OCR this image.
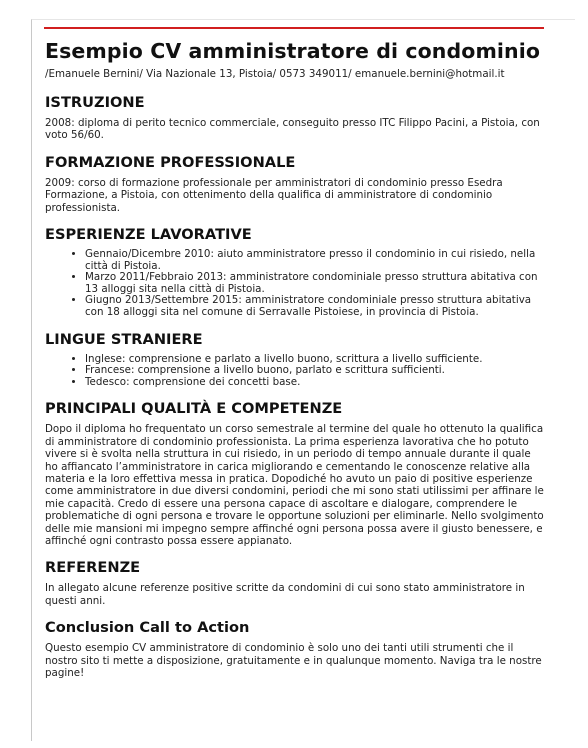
Esempio CV amministratore di condominio
/Emanuele Bernini/ Via Nazionale 13, Pistoia/ 0573 349011/ emanuele.bernini@hotmail.it
ISTRUZIONE

2008: diploma di perito tecnico commerciale, conseguito presso ITC Filippo Pacini, a Pistoia, con voto 56/60.

FORMAZIONE PROFESSIONALE

2009: corso di formazione professionale per amministratori di condominio presso Esedra Formazione, a Pistoia, con ottenimento della qualifica di amministratore di condominio professionista.

ESPERIENZE LAVORATIVE
• Gennaio/Dicembre 2010: aiuto amministratore presso il condominio in cui risiedo, nella città di Pistoia.
• Marzo 2011/Febbraio 2013: amministratore condominiale presso struttura abitativa con 13 alloggi sita nella città di Pistoia.
• Giugno 2013/Settembre 2015: amministratore condominiale presso struttura abitativa con 18 alloggi sita nel comune di Serravalle Pistoiese, in provincia di Pistoia.
LINGUE STRANIERE
• Inglese: comprensione e parlato a livello buono, scrittura a livello sufficiente.
• Francese: comprensione a livello buono, parlato e scrittura sufficienti.
• Tedesco: comprensione dei concetti base.
PRINCIPALI QUALITÀ E COMPETENZE

Dopo il diploma ho frequentato un corso semestrale al termine del quale ho ottenuto la qualifica di amministratore di condominio professionista. La prima esperienza lavorativa che ho potuto vivere si è svolta nella struttura in cui risiedo, in un periodo di tempo annuale durante il quale ho affiancato l’amministratore in carica migliorando e cementando le conoscenze relative alla materia e la loro effettiva messa in pratica. Dopodiché ho avuto un paio di positive esperienze come amministratore in due diversi condomini, periodi che mi sono stati utilissimi per affinare le mie capacità. Credo di essere una persona capace di ascoltare e dialogare, comprendere le problematiche di ogni persona e trovare le opportune soluzioni per eliminarle. Nello svolgimento delle mie mansioni mi impegno sempre affinché ogni persona possa avere il giusto benessere, e affinché ogni contrasto possa essere appianato.

REFERENZE

In allegato alcune referenze positive scritte da condomini di cui sono stato amministratore in questi anni.

Conclusion Call to Action

Questo esempio CV amministratore di condominio è solo uno dei tanti utili strumenti che il nostro sito ti mette a disposizione, gratuitamente e in qualunque momento. Naviga tra le nostre pagine!
